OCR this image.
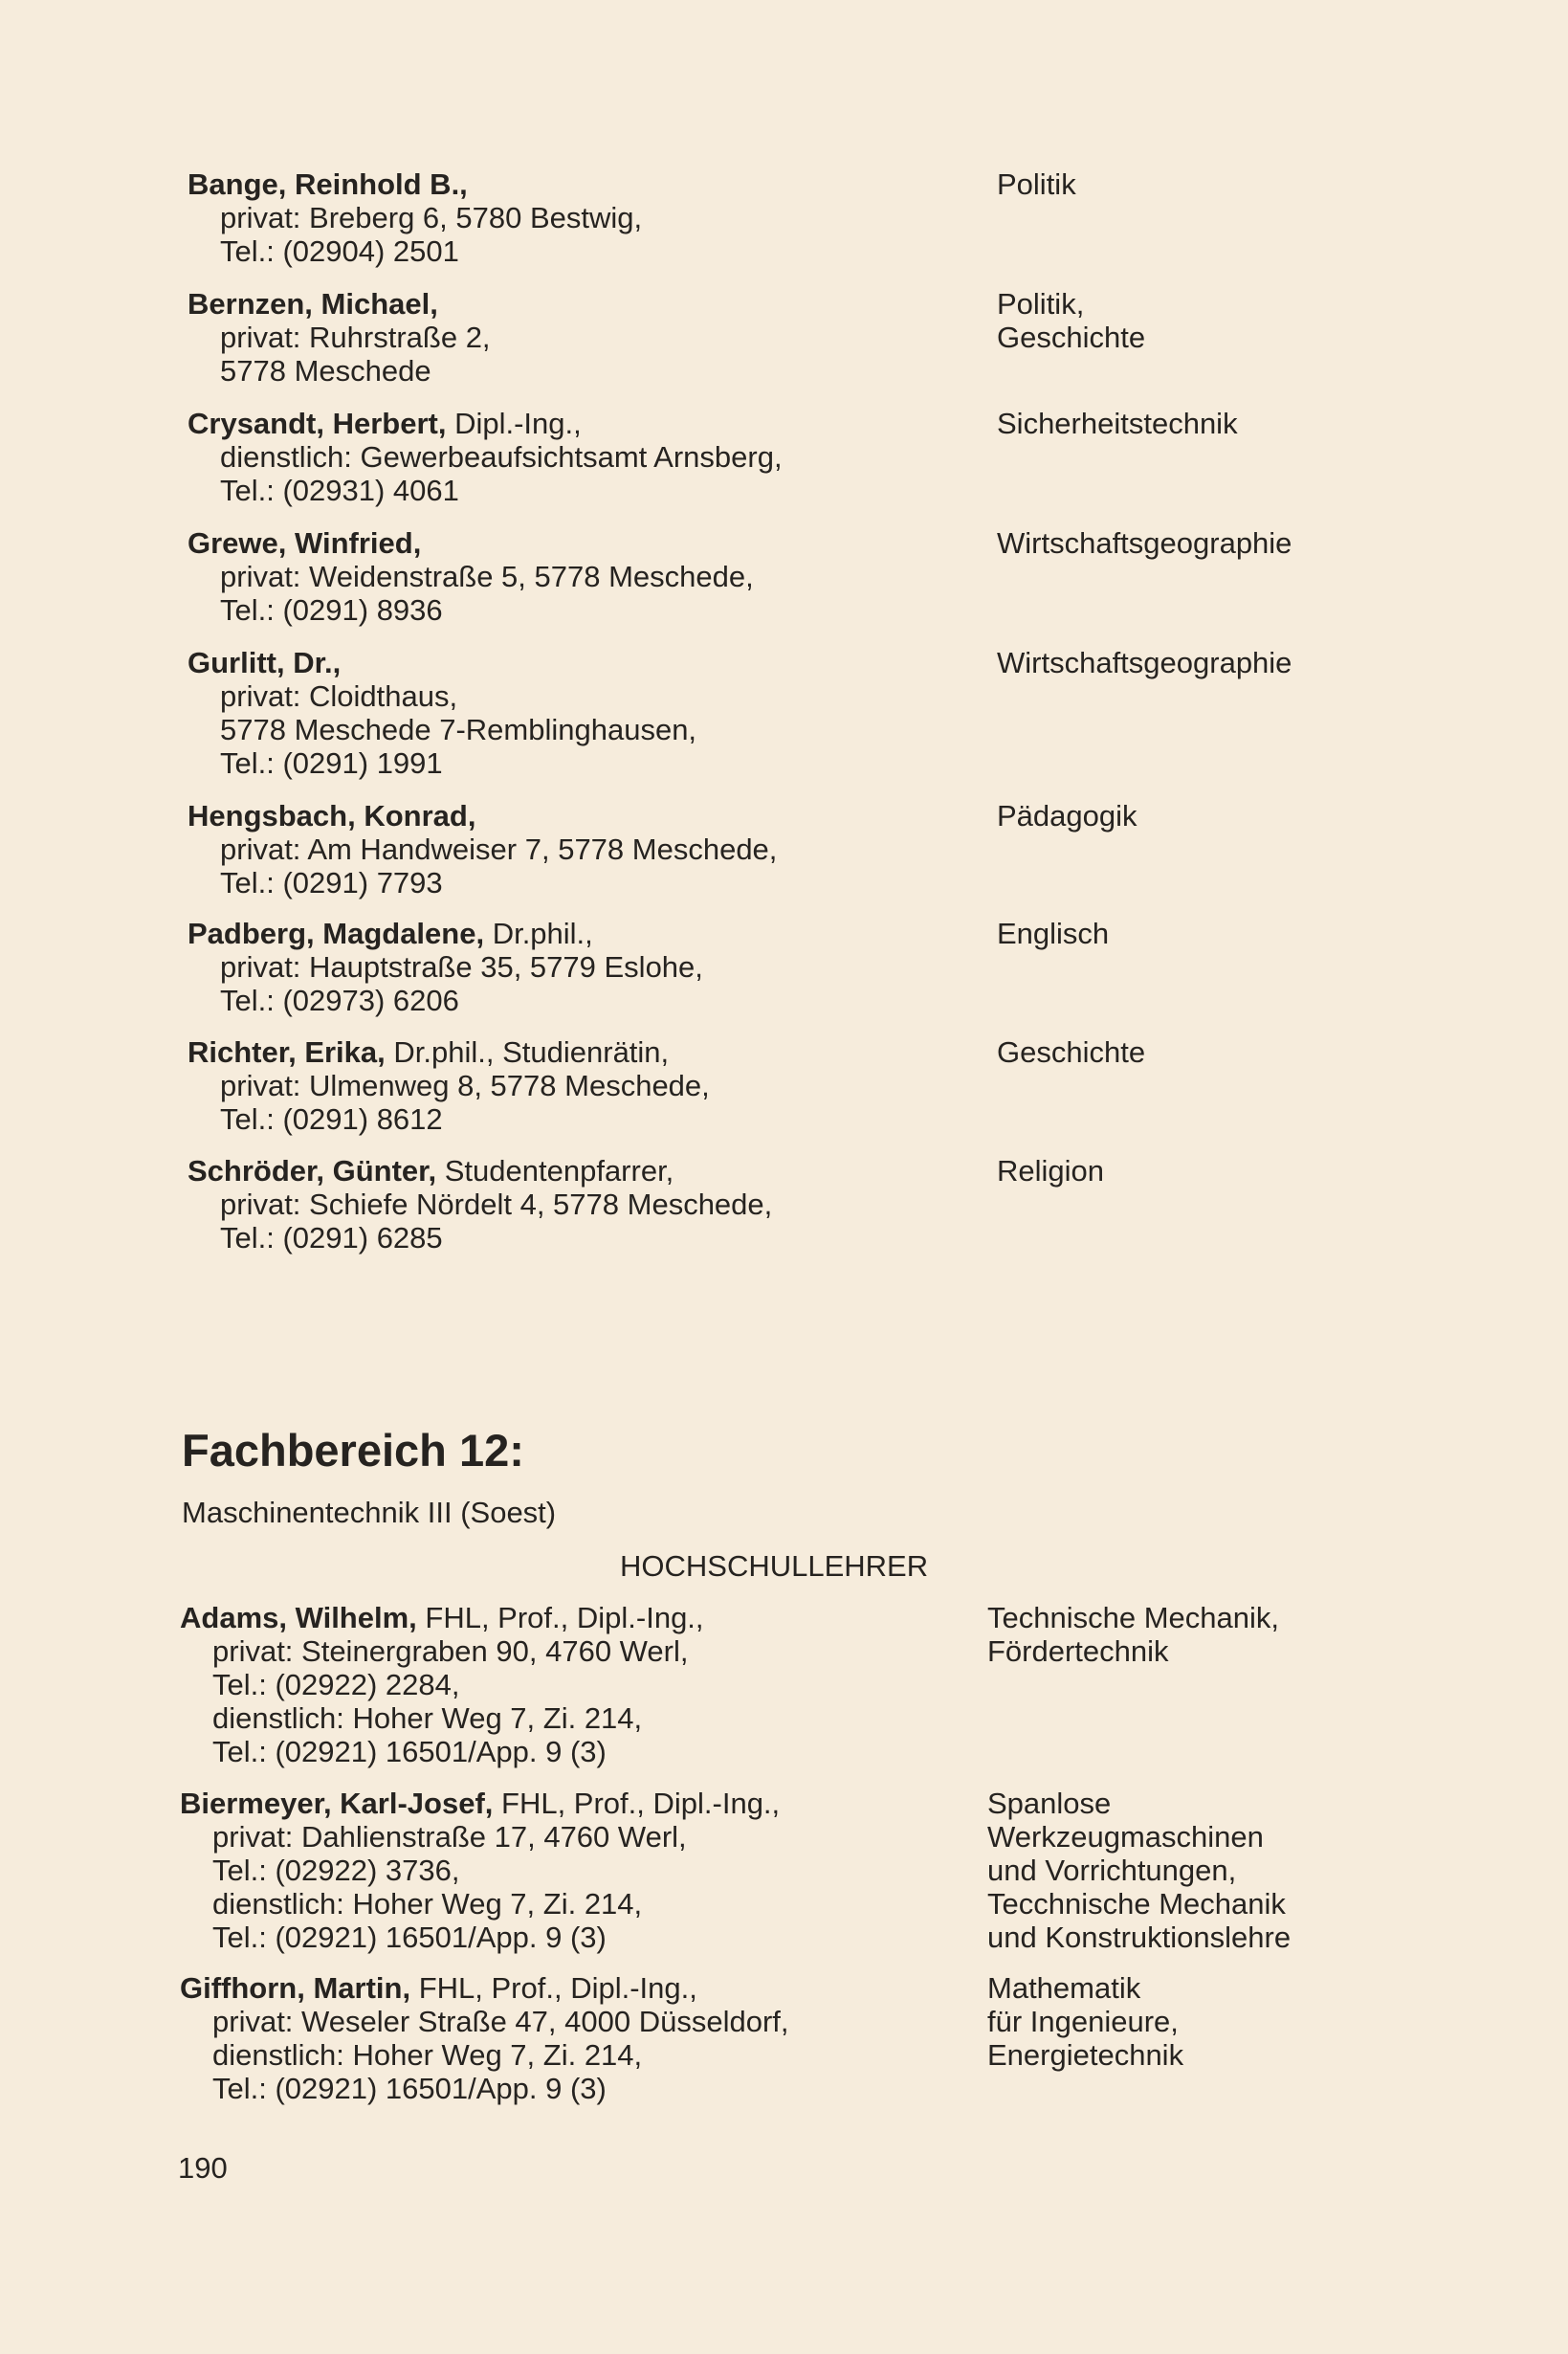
Bange, Reinhold B.,
privat: Breberg 6, 5780 Bestwig,
Tel.: (02904) 2501
Politik
Bernzen, Michael,
privat: Ruhrstraße 2,
5778 Meschede
Politik,
Geschichte
Crysandt, Herbert, Dipl.-Ing.,
dienstlich: Gewerbeaufsichtsamt Arnsberg,
Tel.: (02931) 4061
Sicherheitstechnik
Grewe, Winfried,
privat: Weidenstraße 5, 5778 Meschede,
Tel.: (0291) 8936
Wirtschaftsgeographie
Gurlitt, Dr.,
privat: Cloidthaus,
5778 Meschede 7-Remblinghausen,
Tel.: (0291) 1991
Wirtschaftsgeographie
Hengsbach, Konrad,
privat: Am Handweiser 7, 5778 Meschede,
Tel.: (0291) 7793
Pädagogik
Padberg, Magdalene, Dr.phil.,
privat: Hauptstraße 35, 5779 Eslohe,
Tel.: (02973) 6206
Englisch
Richter, Erika, Dr.phil., Studienrätin,
privat: Ulmenweg 8, 5778 Meschede,
Tel.: (0291) 8612
Geschichte
Schröder, Günter, Studentenpfarrer,
privat: Schiefe Nördelt 4, 5778 Meschede,
Tel.: (0291) 6285
Religion
Fachbereich 12:
Maschinentechnik III (Soest)
HOCHSCHULLEHRER
Adams, Wilhelm, FHL, Prof., Dipl.-Ing.,
privat: Steinergraben 90, 4760 Werl,
Tel.: (02922) 2284,
dienstlich: Hoher Weg 7, Zi. 214,
Tel.: (02921) 16501/App. 9 (3)
Technische Mechanik,
Fördertechnik
Biermeyer, Karl-Josef, FHL, Prof., Dipl.-Ing.,
privat: Dahlienstraße 17, 4760 Werl,
Tel.: (02922) 3736,
dienstlich: Hoher Weg 7, Zi. 214,
Tel.: (02921) 16501/App. 9 (3)
Spanlose
Werkzeugmaschinen
und Vorrichtungen,
Tecchnische Mechanik
und Konstruktionslehre
Giffhorn, Martin, FHL, Prof., Dipl.-Ing.,
privat: Weseler Straße 47, 4000 Düsseldorf,
dienstlich: Hoher Weg 7, Zi. 214,
Tel.: (02921) 16501/App. 9 (3)
Mathematik
für Ingenieure,
Energietechnik
190
